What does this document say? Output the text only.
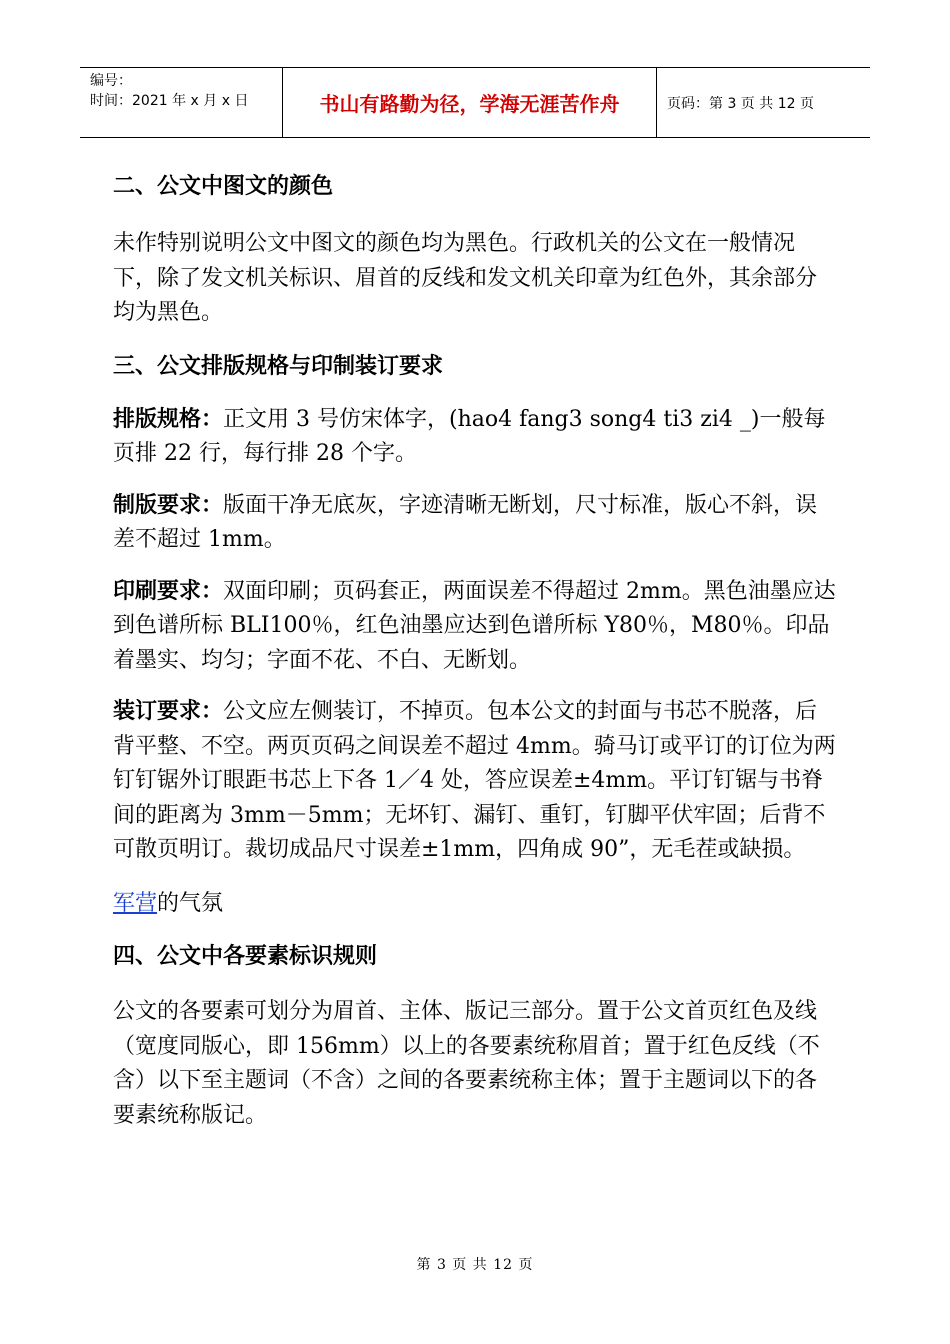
编号：
时间：2021 年 x 月 x 日	书山有路勤为径，学海无涯苦作舟	页码：第 3 页 共 12 页
二、公文中图文的颜色

未作特别说明公文中图文的颜色均为黑色。行政机关的公文在一般情况下，除了发文机关标识、眉首的反线和发文机关印章为红色外，其余部分均为黑色。

三、公文排版规格与印制装订要求

排版规格：正文用 3 号仿宋体字，(hao4 fang3 song4 ti3 zi4 _)一般每页排 22 行，每行排 28 个字。

制版要求：版面干净无底灰，字迹清晰无断划，尺寸标准，版心不斜，误差不超过 1mm。

印刷要求：双面印刷；页码套正，两面误差不得超过 2mm。黑色油墨应达到色谱所标 BLI100％，红色油墨应达到色谱所标 Y80％，M80％。印品着墨实、均匀；字面不花、不白、无断划。

装订要求：公文应左侧装订，不掉页。包本公文的封面与书芯不脱落，后背平整、不空。两页页码之间误差不超过 4mm。骑马订或平订的订位为两钉钉锯外订眼距书芯上下各 1／4 处，答应误差±4mm。平订钉锯与书脊间的距离为 3mm－5mm；无坏钉、漏钉、重钉，钉脚平伏牢固；后背不可散页明订。裁切成品尺寸误差±1mm，四角成 90”，无毛茬或缺损。

军营的气氛

四、公文中各要素标识规则

公文的各要素可划分为眉首、主体、版记三部分。置于公文首页红色及线（宽度同版心，即 156mm）以上的各要素统称眉首；置于红色反线（不含）以下至主题词（不含）之间的各要素统称主体；置于主题词以下的各要素统称版记。

第 3 页 共 12 页
